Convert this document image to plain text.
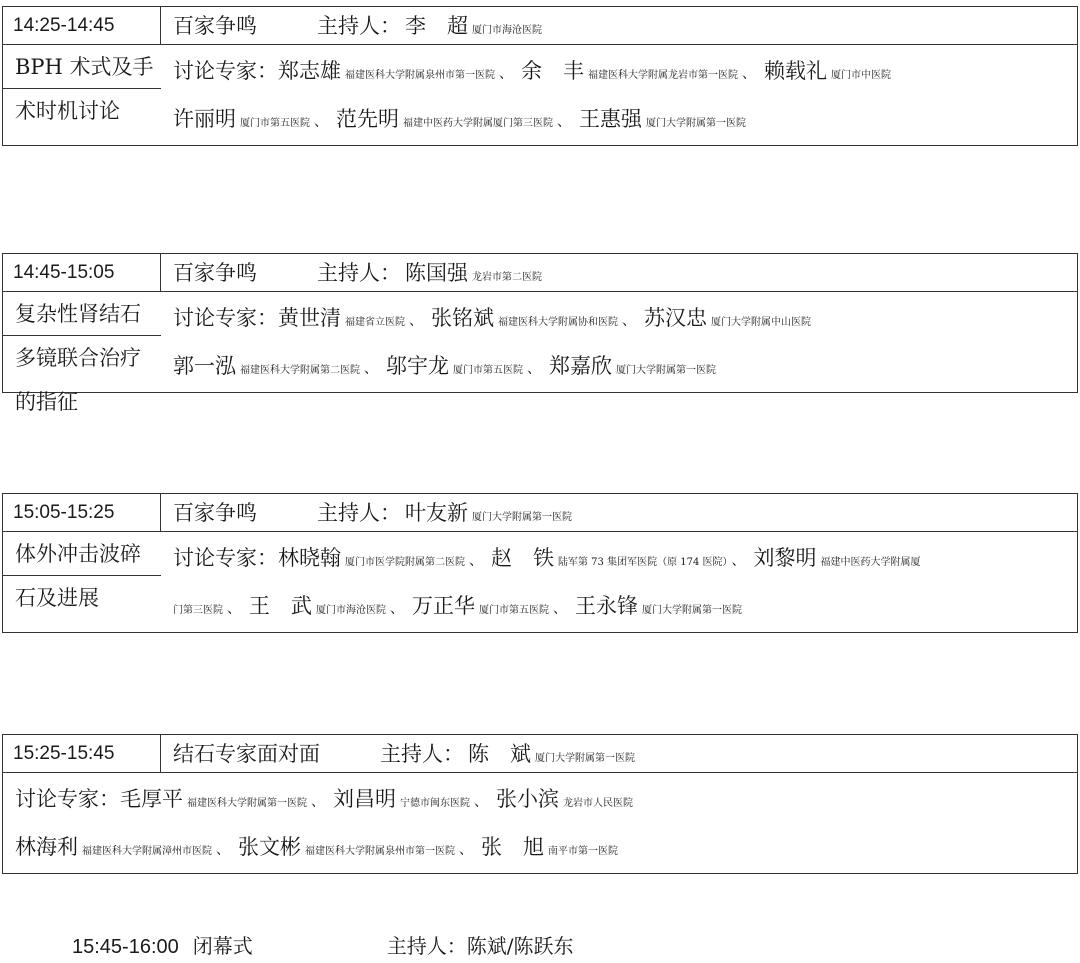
14:25-14:45	百家争鸣	主持人： 李　超 厦门市海沧医院
BPH 术式及手术时机讨论
讨论专家：郑志雄 福建医科大学附属泉州市第一医院 、 余　丰 福建医科大学附属龙岩市第一医院 、 赖载礼 厦门市中医院
许丽明 厦门市第五医院 、 范先明 福建中医药大学附属厦门第三医院 、 王惠强 厦门大学附属第一医院
14:45-15:05	百家争鸣	主持人： 陈国强 龙岩市第二医院
复杂性肾结石多镜联合治疗的指征
讨论专家：黄世清 福建省立医院 、 张铭斌 福建医科大学附属协和医院 、 苏汉忠 厦门大学附属中山医院
郭一泓 福建医科大学附属第二医院 、 邬宇龙 厦门市第五医院 、 郑嘉欣 厦门大学附属第一医院
15:05-15:25	百家争鸣	主持人： 叶友新 厦门大学附属第一医院
体外冲击波碎石及进展
讨论专家：林晓翰 厦门市医学院附属第二医院 、 赵　铁 陆军第 73 集团军医院（原 174 医院） 、 刘黎明 福建中医药大学附属厦
门第三医院 、 王　武 厦门市海沧医院 、 万正华 厦门市第五医院 、 王永锋 厦门大学附属第一医院
15:25-15:45	结石专家面对面	主持人： 陈　斌 厦门大学附属第一医院
讨论专家：毛厚平 福建医科大学附属第一医院 、 刘昌明 宁德市闽东医院 、 张小滨 龙岩市人民医院
林海利 福建医科大学附属漳州市医院 、 张文彬 福建医科大学附属泉州市第一医院 、 张　旭 南平市第一医院
15:45-16:00 闭幕式	主持人：陈斌/陈跃东
